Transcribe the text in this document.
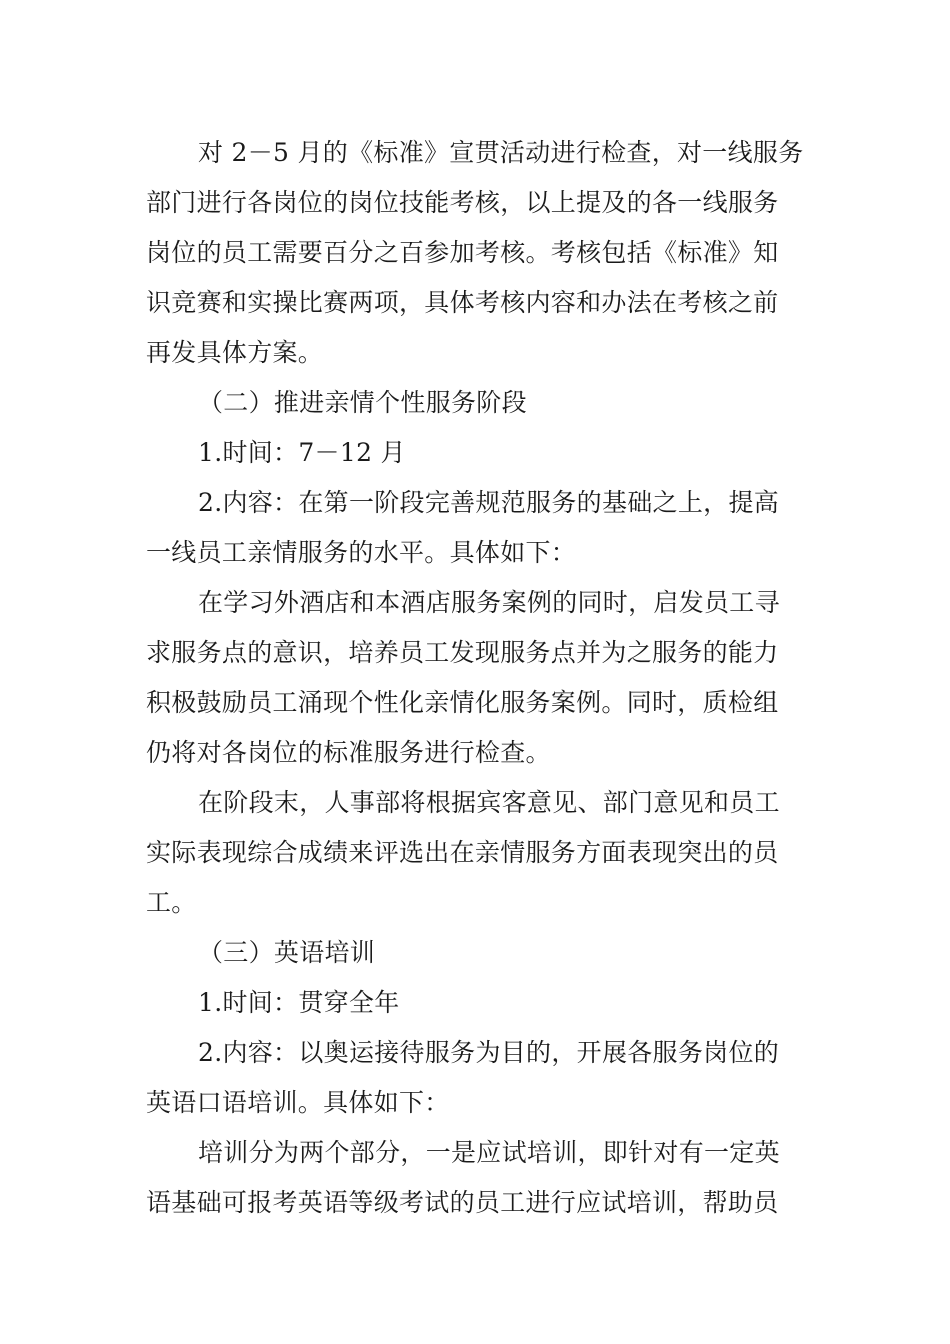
对 2－5 月的《标准》宣贯活动进行检查，对一线服务
部门进行各岗位的岗位技能考核，以上提及的各一线服务
岗位的员工需要百分之百参加考核。考核包括《标准》知
识竞赛和实操比赛两项，具体考核内容和办法在考核之前
再发具体方案。
（二）推进亲情个性服务阶段
1.时间：7－12 月
2.内容：在第一阶段完善规范服务的基础之上，提高
一线员工亲情服务的水平。具体如下：
在学习外酒店和本酒店服务案例的同时，启发员工寻
求服务点的意识，培养员工发现服务点并为之服务的能力
积极鼓励员工涌现个性化亲情化服务案例。同时，质检组
仍将对各岗位的标准服务进行检查。
在阶段末，人事部将根据宾客意见、部门意见和员工
实际表现综合成绩来评选出在亲情服务方面表现突出的员
工。
（三）英语培训
1.时间：贯穿全年
2.内容：以奥运接待服务为目的，开展各服务岗位的
英语口语培训。具体如下：
培训分为两个部分，一是应试培训，即针对有一定英
语基础可报考英语等级考试的员工进行应试培训，帮助员
